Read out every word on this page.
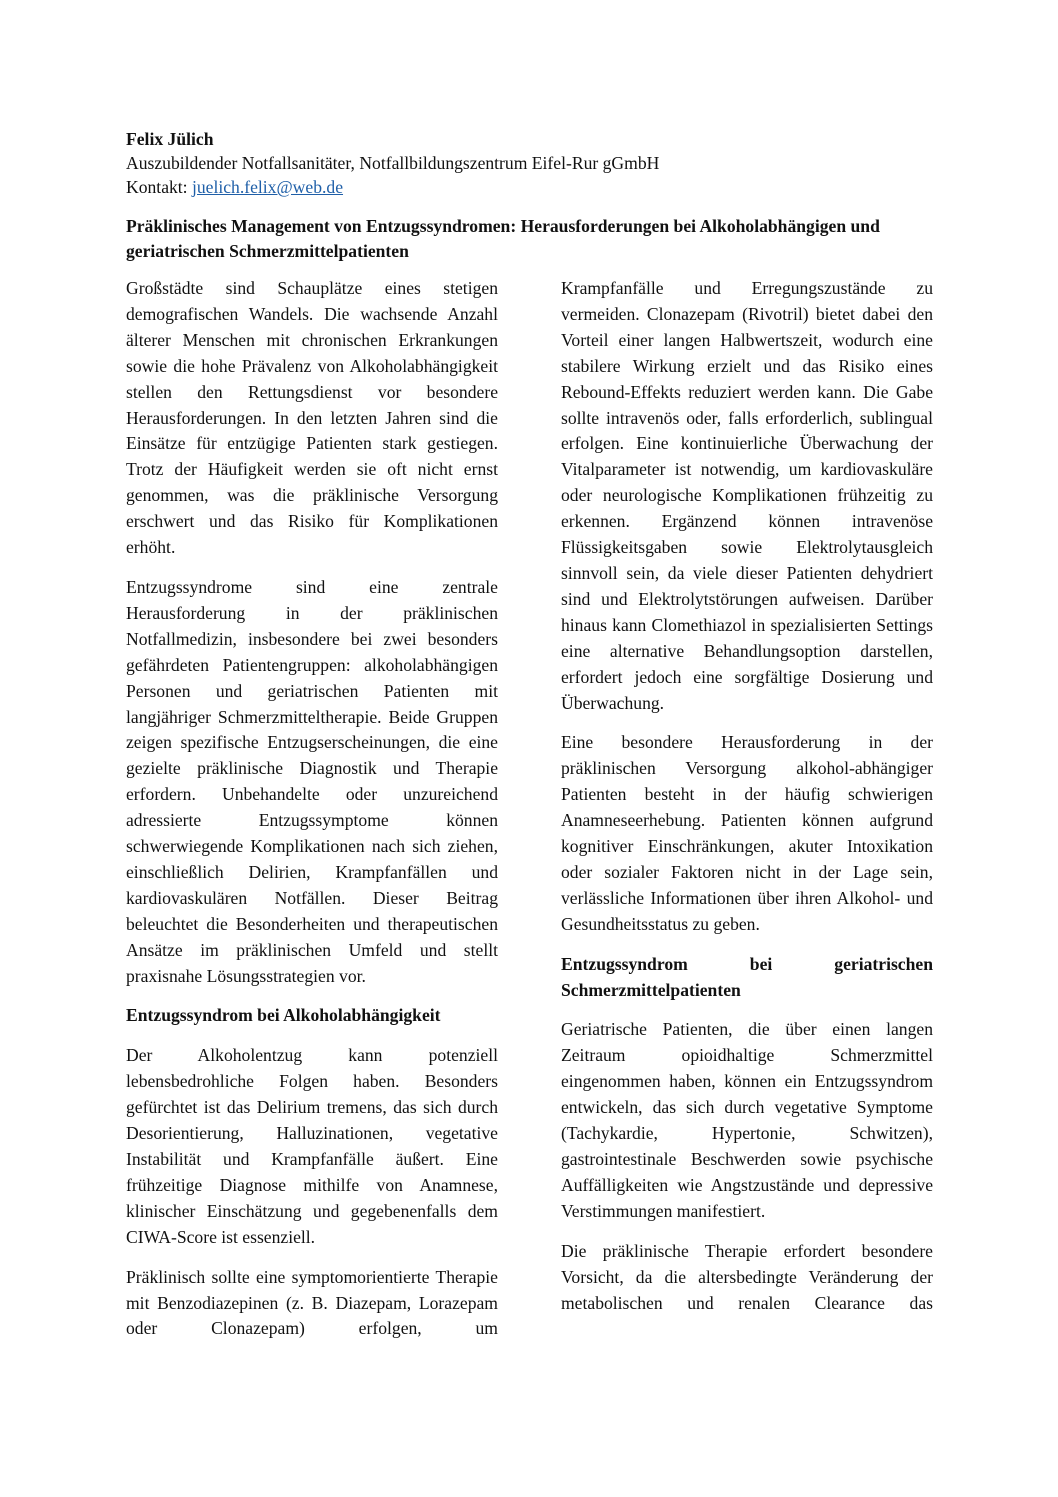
Felix Jülich
Auszubildender Notfallsanitäter, Notfallbildungszentrum Eifel-Rur gGmbH
Kontakt: juelich.felix@web.de
Präklinisches Management von Entzugssyndromen: Herausforderungen bei Alkoholabhängigen und geriatrischen Schmerzmittelpatienten

Großstädte sind Schauplätze eines stetigen demografischen Wandels. Die wachsende Anzahl älterer Menschen mit chronischen Erkrankungen sowie die hohe Prävalenz von Alkoholabhängigkeit stellen den Rettungsdienst vor besondere Herausforderungen. In den letzten Jahren sind die Einsätze für entzügige Patienten stark gestiegen. Trotz der Häufigkeit werden sie oft nicht ernst genommen, was die präklinische Versorgung erschwert und das Risiko für Komplikationen erhöht.

Entzugssyndrome sind eine zentrale Herausforderung in der präklinischen Notfallmedizin, insbesondere bei zwei besonders gefährdeten Patientengruppen: alkoholabhängigen Personen und geriatrischen Patienten mit langjähriger Schmerzmitteltherapie. Beide Gruppen zeigen spezifische Entzugserscheinungen, die eine gezielte präklinische Diagnostik und Therapie erfordern. Unbehandelte oder unzureichend adressierte Entzugssymptome können schwerwiegende Komplikationen nach sich ziehen, einschließlich Delirien, Krampfanfällen und kardiovaskulären Notfällen. Dieser Beitrag beleuchtet die Besonderheiten und therapeutischen Ansätze im präklinischen Umfeld und stellt praxisnahe Lösungsstrategien vor.

Entzugssyndrom bei Alkoholabhängigkeit

Der Alkoholentzug kann potenziell lebensbedrohliche Folgen haben. Besonders gefürchtet ist das Delirium tremens, das sich durch Desorientierung, Halluzinationen, vegetative Instabilität und Krampfanfälle äußert. Eine frühzeitige Diagnose mithilfe von Anamnese, klinischer Einschätzung und gegebenenfalls dem CIWA-Score ist essenziell.

Präklinisch sollte eine symptomorientierte Therapie mit Benzodiazepinen (z. B. Diazepam, Lorazepam oder Clonazepam) erfolgen, um

Krampfanfälle und Erregungszustände zu vermeiden. Clonazepam (Rivotril) bietet dabei den Vorteil einer langen Halbwertszeit, wodurch eine stabilere Wirkung erzielt und das Risiko eines Rebound-Effekts reduziert werden kann. Die Gabe sollte intravenös oder, falls erforderlich, sublingual erfolgen. Eine kontinuierliche Überwachung der Vitalparameter ist notwendig, um kardiovaskuläre oder neurologische Komplikationen frühzeitig zu erkennen. Ergänzend können intravenöse Flüssigkeitsgaben sowie Elektrolytausgleich sinnvoll sein, da viele dieser Patienten dehydriert sind und Elektrolytstörungen aufweisen. Darüber hinaus kann Clomethiazol in spezialisierten Settings eine alternative Behandlungsoption darstellen, erfordert jedoch eine sorgfältige Dosierung und Überwachung.

Eine besondere Herausforderung in der präklinischen Versorgung alkohol-abhängiger Patienten besteht in der häufig schwierigen Anamneseerhebung. Patienten können aufgrund kognitiver Einschränkungen, akuter Intoxikation oder sozialer Faktoren nicht in der Lage sein, verlässliche Informationen über ihren Alkohol- und Gesundheitsstatus zu geben.

Entzugssyndrom bei geriatrischen Schmerzmittelpatienten

Geriatrische Patienten, die über einen langen Zeitraum opioidhaltige Schmerzmittel eingenommen haben, können ein Entzugssyndrom entwickeln, das sich durch vegetative Symptome (Tachykardie, Hypertonie, Schwitzen), gastrointestinale Beschwerden sowie psychische Auffälligkeiten wie Angstzustände und depressive Verstimmungen manifestiert.

Die präklinische Therapie erfordert besondere Vorsicht, da die altersbedingte Veränderung der metabolischen und renalen Clearance das
